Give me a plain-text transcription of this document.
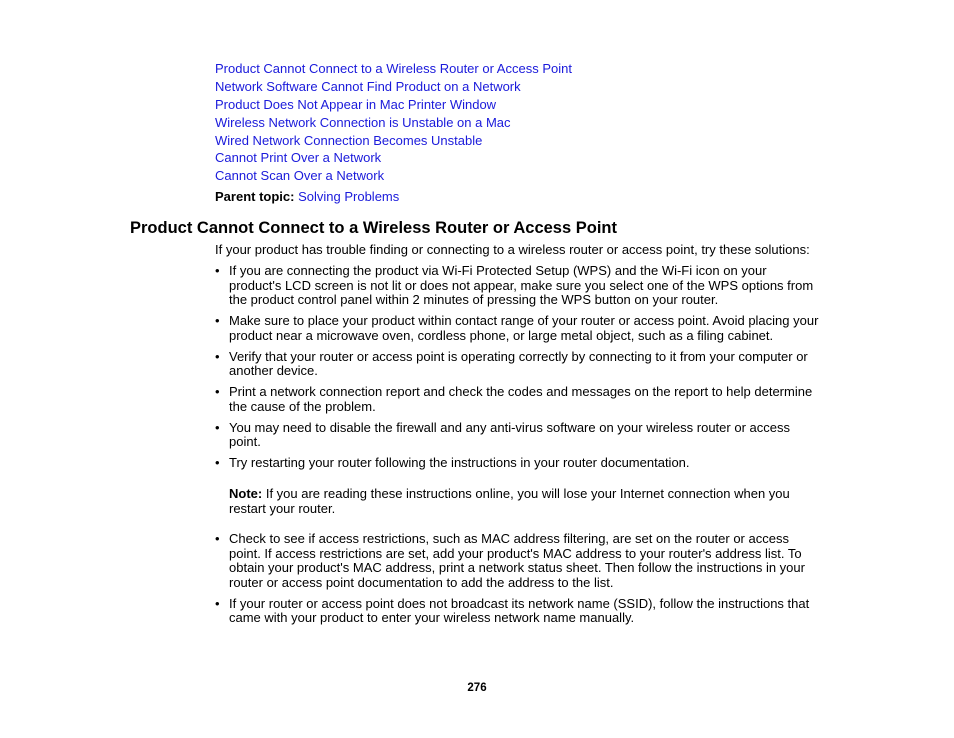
Product Cannot Connect to a Wireless Router or Access Point
Network Software Cannot Find Product on a Network
Product Does Not Appear in Mac Printer Window
Wireless Network Connection is Unstable on a Mac
Wired Network Connection Becomes Unstable
Cannot Print Over a Network
Cannot Scan Over a Network
Parent topic: Solving Problems
Product Cannot Connect to a Wireless Router or Access Point
If your product has trouble finding or connecting to a wireless router or access point, try these solutions:
• If you are connecting the product via Wi-Fi Protected Setup (WPS) and the Wi-Fi icon on your product's LCD screen is not lit or does not appear, make sure you select one of the WPS options from the product control panel within 2 minutes of pressing the WPS button on your router.
• Make sure to place your product within contact range of your router or access point. Avoid placing your product near a microwave oven, cordless phone, or large metal object, such as a filing cabinet.
• Verify that your router or access point is operating correctly by connecting to it from your computer or another device.
• Print a network connection report and check the codes and messages on the report to help determine the cause of the problem.
• You may need to disable the firewall and any anti-virus software on your wireless router or access point.
• Try restarting your router following the instructions in your router documentation.
Note: If you are reading these instructions online, you will lose your Internet connection when you restart your router.
• Check to see if access restrictions, such as MAC address filtering, are set on the router or access point. If access restrictions are set, add your product's MAC address to your router's address list. To obtain your product's MAC address, print a network status sheet. Then follow the instructions in your router or access point documentation to add the address to the list.
• If your router or access point does not broadcast its network name (SSID), follow the instructions that came with your product to enter your wireless network name manually.
276
